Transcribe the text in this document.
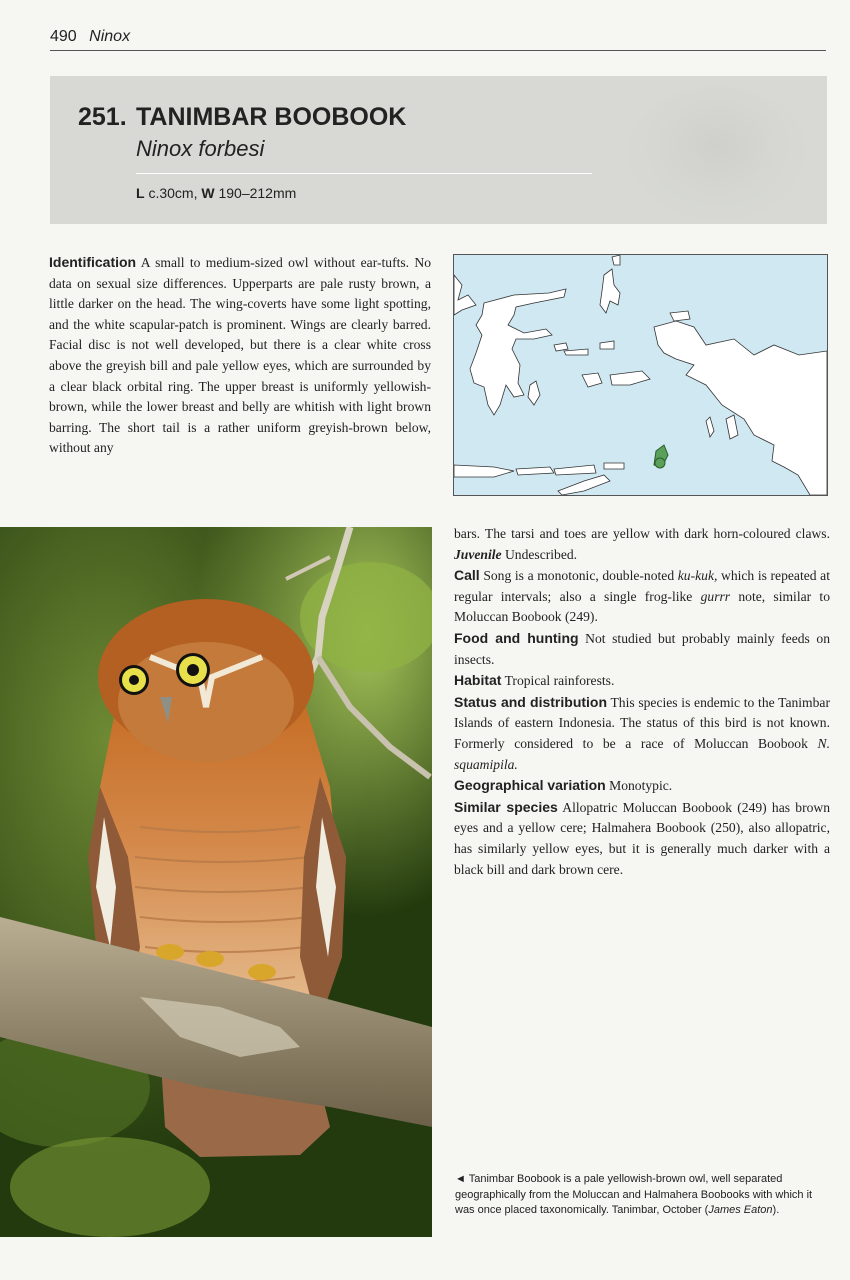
490 Ninox
251. TANIMBAR BOOBOOK
Ninox forbesi
L c.30cm, W 190–212mm
Identification A small to medium-sized owl without ear-tufts. No data on sexual size differences. Upperparts are pale rusty brown, a little darker on the head. The wing-coverts have some light spotting, and the white scapular-patch is prominent. Wings are clearly barred. Facial disc is not well developed, but there is a clear white cross above the greyish bill and pale yellow eyes, which are surrounded by a clear black orbital ring. The upper breast is uniformly yellowish-brown, while the lower breast and belly are whitish with light brown barring. The short tail is a rather uniform greyish-brown below, without any

bars. The tarsi and toes are yellow with dark horn-coloured claws. Juvenile Undescribed.

Call Song is a monotonic, double-noted ku-kuk, which is repeated at regular intervals; also a single frog-like gurrr note, similar to Moluccan Boobook (249).

Food and hunting Not studied but probably mainly feeds on insects.

Habitat Tropical rainforests.

Status and distribution This species is endemic to the Tanimbar Islands of eastern Indonesia. The status of this bird is not known. Formerly considered to be a race of Moluccan Boobook N. squamipila.

Geographical variation Monotypic.

Similar species Allopatric Moluccan Boobook (249) has brown eyes and a yellow cere; Halmahera Boobook (250), also allopatric, has similarly yellow eyes, but it is generally much darker with a black bill and dark brown cere.

◄ Tanimbar Boobook is a pale yellowish-brown owl, well separated geographically from the Moluccan and Halmahera Boobooks with which it was once placed taxonomically. Tanimbar, October (James Eaton).
